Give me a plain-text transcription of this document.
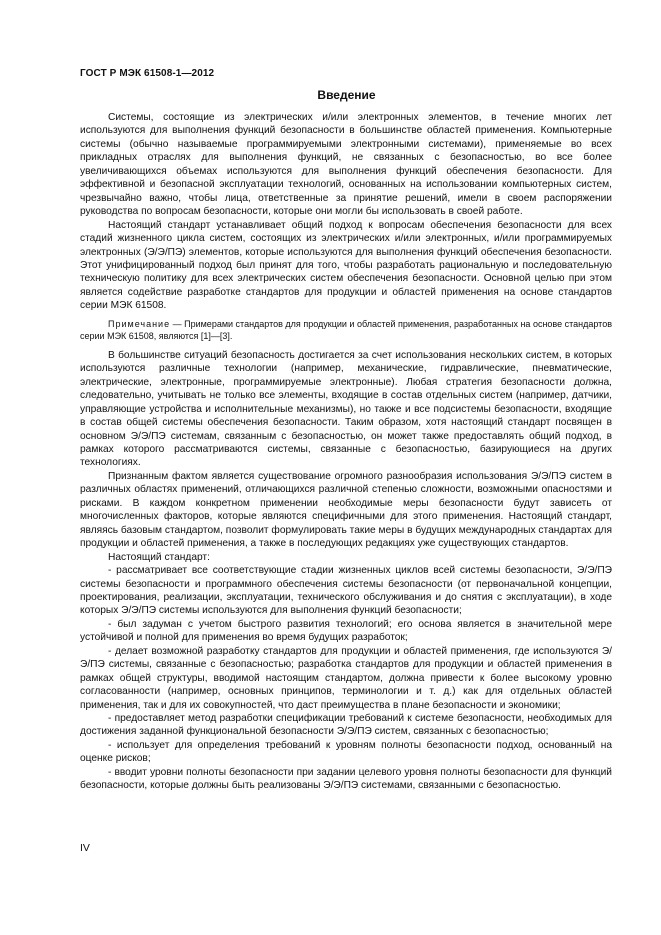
ГОСТ Р МЭК 61508-1—2012
Введение

Системы, состоящие из электрических и/или электронных элементов, в течение многих лет используются для выполнения функций безопасности в большинстве областей применения. Компьютерные системы (обычно называемые программируемыми электронными системами), применяемые во всех прикладных отраслях для выполнения функций, не связанных с безопасностью, во все более увеличивающихся объемах используются для выполнения функций обеспечения безопасности. Для эффективной и безопасной эксплуатации технологий, основанных на использовании компьютерных систем, чрезвычайно важно, чтобы лица, ответственные за принятие решений, имели в своем распоряжении руководства по вопросам безопасности, которые они могли бы использовать в своей работе.

Настоящий стандарт устанавливает общий подход к вопросам обеспечения безопасности для всех стадий жизненного цикла систем, состоящих из электрических и/или электронных, и/или программируемых электронных (Э/Э/ПЭ) элементов, которые используются для выполнения функций обеспечения безопасности. Этот унифицированный подход был принят для того, чтобы разработать рациональную и последовательную техническую политику для всех электрических систем обеспечения безопасности. Основной целью при этом является содействие разработке стандартов для продукции и областей применения на основе стандартов серии МЭК 61508.

Примечание — Примерами стандартов для продукции и областей применения, разработанных на основе стандартов серии МЭК 61508, являются [1]—[3].

В большинстве ситуаций безопасность достигается за счет использования нескольких систем, в которых используются различные технологии (например, механические, гидравлические, пневматические, электрические, электронные, программируемые электронные). Любая стратегия безопасности должна, следовательно, учитывать не только все элементы, входящие в состав отдельных систем (например, датчики, управляющие устройства и исполнительные механизмы), но также и все подсистемы безопасности, входящие в состав общей системы обеспечения безопасности. Таким образом, хотя настоящий стандарт посвящен в основном Э/Э/ПЭ системам, связанным с безопасностью, он может также предоставлять общий подход, в рамках которого рассматриваются системы, связанные с безопасностью, базирующиеся на других технологиях.

Признанным фактом является существование огромного разнообразия использования Э/Э/ПЭ систем в различных областях применений, отличающихся различной степенью сложности, возможными опасностями и рисками. В каждом конкретном применении необходимые меры безопасности будут зависеть от многочисленных факторов, которые являются специфичными для этого применения. Настоящий стандарт, являясь базовым стандартом, позволит формулировать такие меры в будущих международных стандартах для продукции и областей применения, а также в последующих редакциях уже существующих стандартов.

Настоящий стандарт:

- рассматривает все соответствующие стадии жизненных циклов всей системы безопасности, Э/Э/ПЭ системы безопасности и программного обеспечения системы безопасности (от первоначальной концепции, проектирования, реализации, эксплуатации, технического обслуживания и до снятия с эксплуатации), в ходе которых Э/Э/ПЭ системы используются для выполнения функций безопасности;

- был задуман с учетом быстрого развития технологий; его основа является в значительной мере устойчивой и полной для применения во время будущих разработок;

- делает возможной разработку стандартов для продукции и областей применения, где используются Э/Э/ПЭ системы, связанные с безопасностью; разработка стандартов для продукции и областей применения в рамках общей структуры, вводимой настоящим стандартом, должна привести к более высокому уровню согласованности (например, основных принципов, терминологии и т. д.) как для отдельных областей применения, так и для их совокупностей, что даст преимущества в плане безопасности и экономики;

- предоставляет метод разработки спецификации требований к системе безопасности, необходимых для достижения заданной функциональной безопасности Э/Э/ПЭ систем, связанных с безопасностью;

- использует для определения требований к уровням полноты безопасности подход, основанный на оценке рисков;

- вводит уровни полноты безопасности при задании целевого уровня полноты безопасности для функций безопасности, которые должны быть реализованы Э/Э/ПЭ системами, связанными с безопасностью.

IV
